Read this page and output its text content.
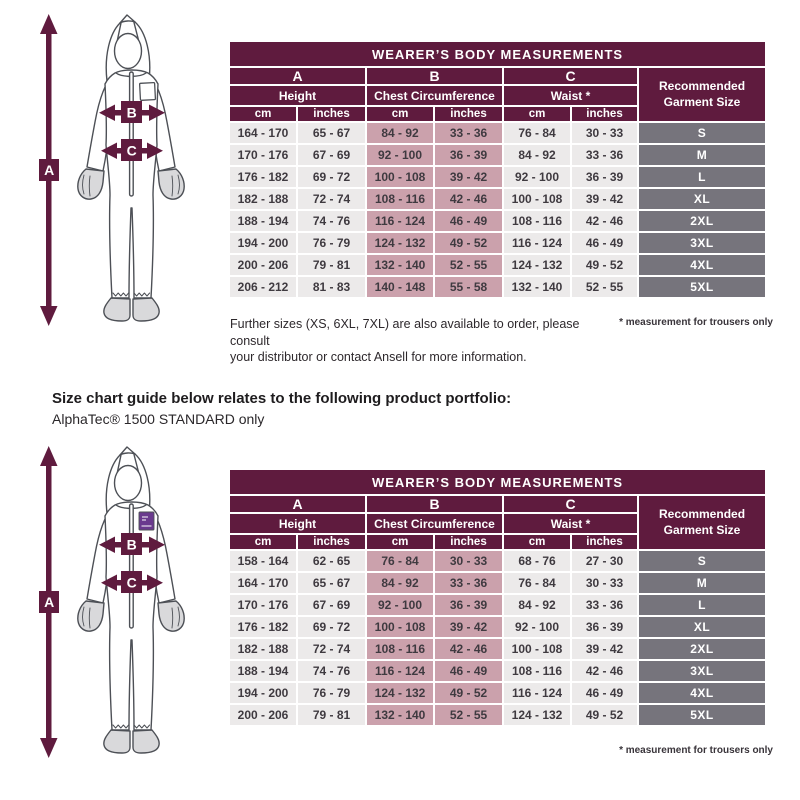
WEARER’S BODY MEASUREMENTS						
A		B		C		Recommended Garment Size
Height		Chest Circumference		Waist *		
cm	inches	cm	inches	cm	inches	
164 - 170	65 - 67	84 - 92	33 - 36	76 - 84	30 - 33	S
170 - 176	67 - 69	92 - 100	36 - 39	84 - 92	33 - 36	M
176 - 182	69 - 72	100 - 108	39 - 42	92 - 100	36 - 39	L
182 - 188	72 - 74	108 - 116	42 - 46	100 - 108	39 - 42	XL
188 - 194	74 - 76	116 - 124	46 - 49	108 - 116	42 - 46	2XL
194 - 200	76 - 79	124 - 132	49 - 52	116 - 124	46 - 49	3XL
200 - 206	79 - 81	132 - 140	52 - 55	124 - 132	49 - 52	4XL
206 - 212	81 - 83	140 - 148	55 - 58	132 - 140	52 - 55	5XL
Further sizes (XS, 6XL, 7XL) are also available to order, please consult
your distributor or contact Ansell for more information.
* measurement for trousers only
Size chart guide below relates to the following product portfolio:
AlphaTec® 1500 STANDARD only
WEARER’S BODY MEASUREMENTS						
A		B		C		Recommended Garment Size
Height		Chest Circumference		Waist *		
cm	inches	cm	inches	cm	inches	
158 - 164	62 - 65	76 - 84	30 - 33	68 - 76	27 - 30	S
164 - 170	65 - 67	84 - 92	33 - 36	76 - 84	30 - 33	M
170 - 176	67 - 69	92 - 100	36 - 39	84 - 92	33 - 36	L
176 - 182	69 - 72	100 - 108	39 - 42	92 - 100	36 - 39	XL
182 - 188	72 - 74	108 - 116	42 - 46	100 - 108	39 - 42	2XL
188 - 194	74 - 76	116 - 124	46 - 49	108 - 116	42 - 46	3XL
194 - 200	76 - 79	124 - 132	49 - 52	116 - 124	46 - 49	4XL
200 - 206	79 - 81	132 - 140	52 - 55	124 - 132	49 - 52	5XL
* measurement for trousers only
